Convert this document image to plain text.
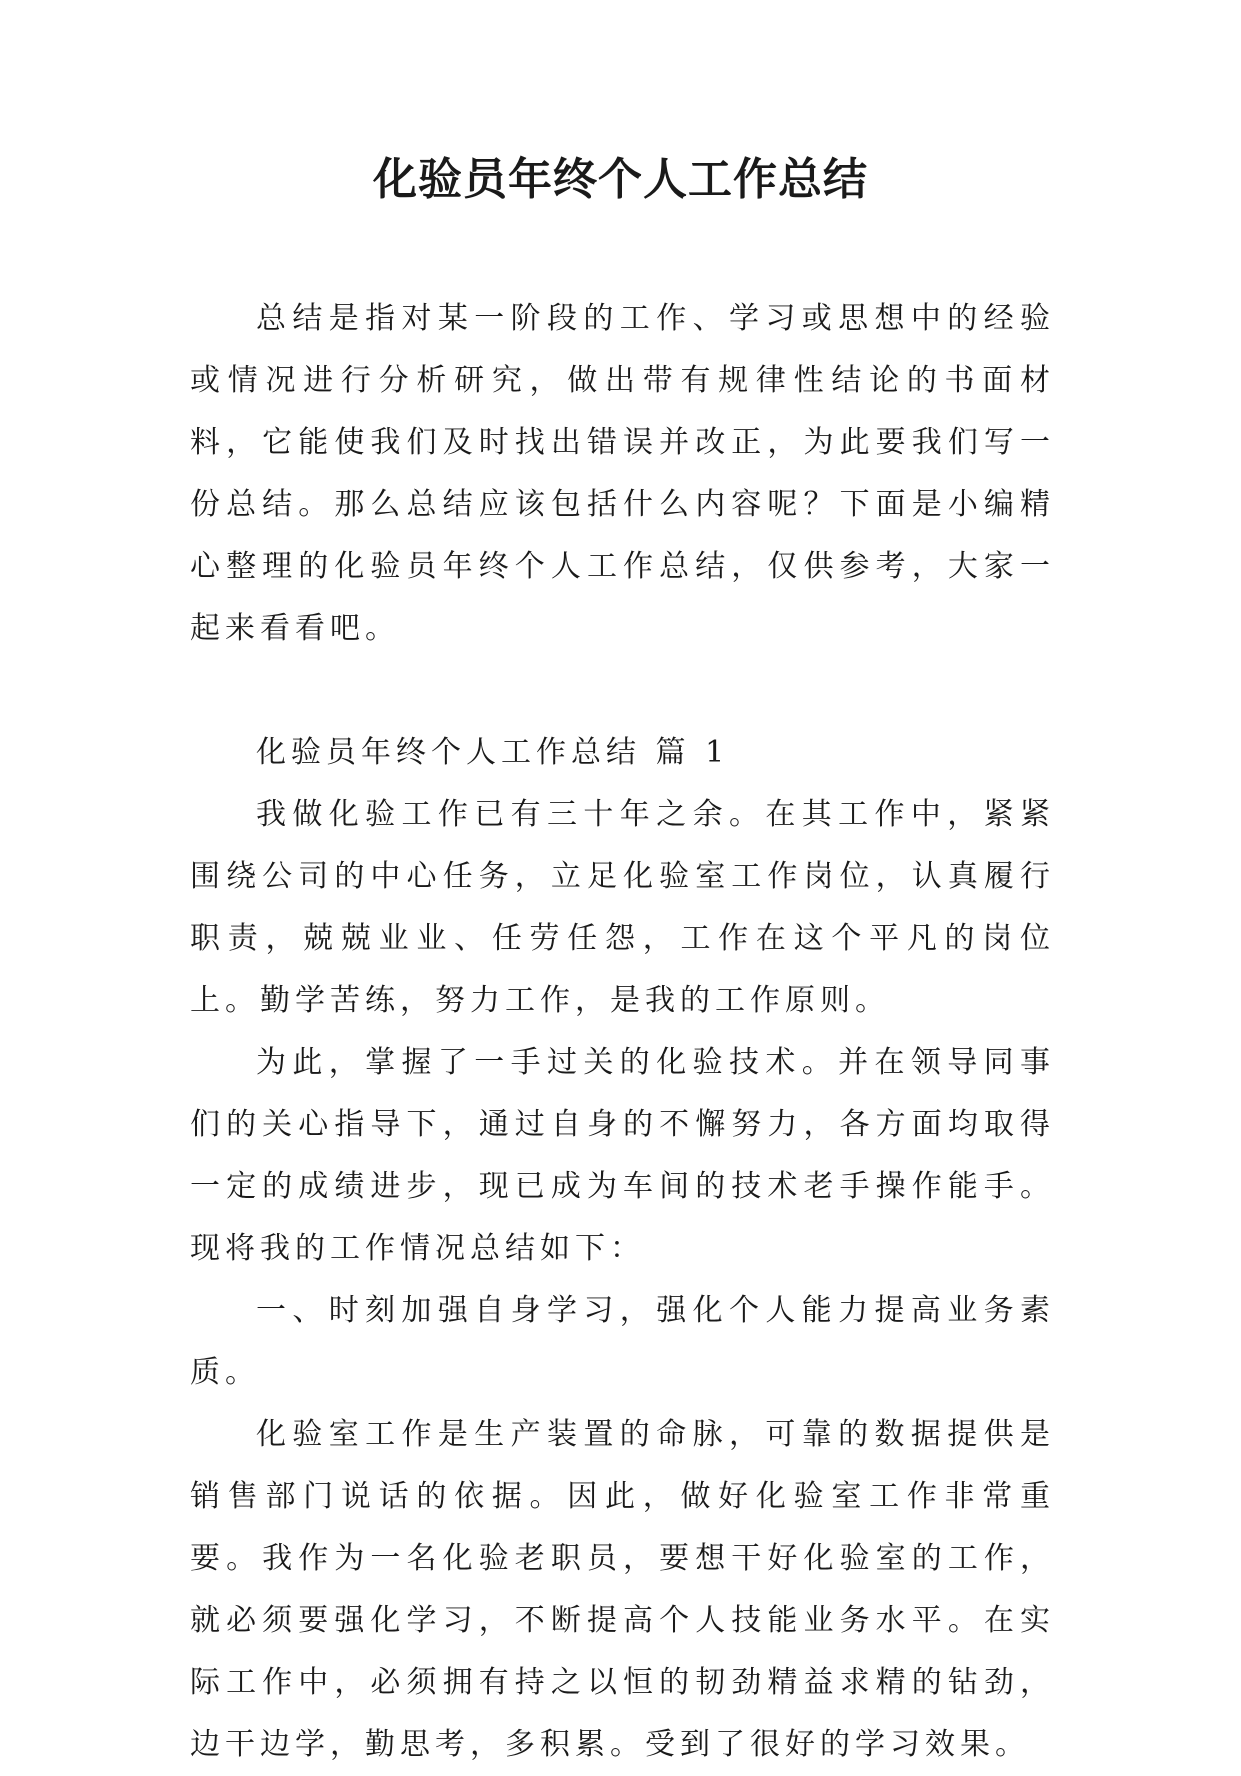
化验员年终个人工作总结

总结是指对某一阶段的工作、学习或思想中的经验或情况进行分析研究，做出带有规律性结论的书面材料，它能使我们及时找出错误并改正，为此要我们写一份总结。那么总结应该包括什么内容呢？下面是小编精心整理的化验员年终个人工作总结，仅供参考，大家一起来看看吧。

化验员年终个人工作总结 篇 1

我做化验工作已有三十年之余。在其工作中，紧紧围绕公司的中心任务，立足化验室工作岗位，认真履行职责，兢兢业业、任劳任怨，工作在这个平凡的岗位上。勤学苦练，努力工作，是我的工作原则。

为此，掌握了一手过关的化验技术。并在领导同事们的关心指导下，通过自身的不懈努力，各方面均取得一定的成绩进步，现已成为车间的技术老手操作能手。现将我的工作情况总结如下：

一、时刻加强自身学习，强化个人能力提高业务素质。

化验室工作是生产装置的命脉，可靠的数据提供是销售部门说话的依据。因此，做好化验室工作非常重要。我作为一名化验老职员，要想干好化验室的工作，就必须要强化学习，不断提高个人技能业务水平。在实际工作中，必须拥有持之以恒的韧劲精益求精的钻劲，边干边学，勤思考，多积累。受到了很好的学习效果。
